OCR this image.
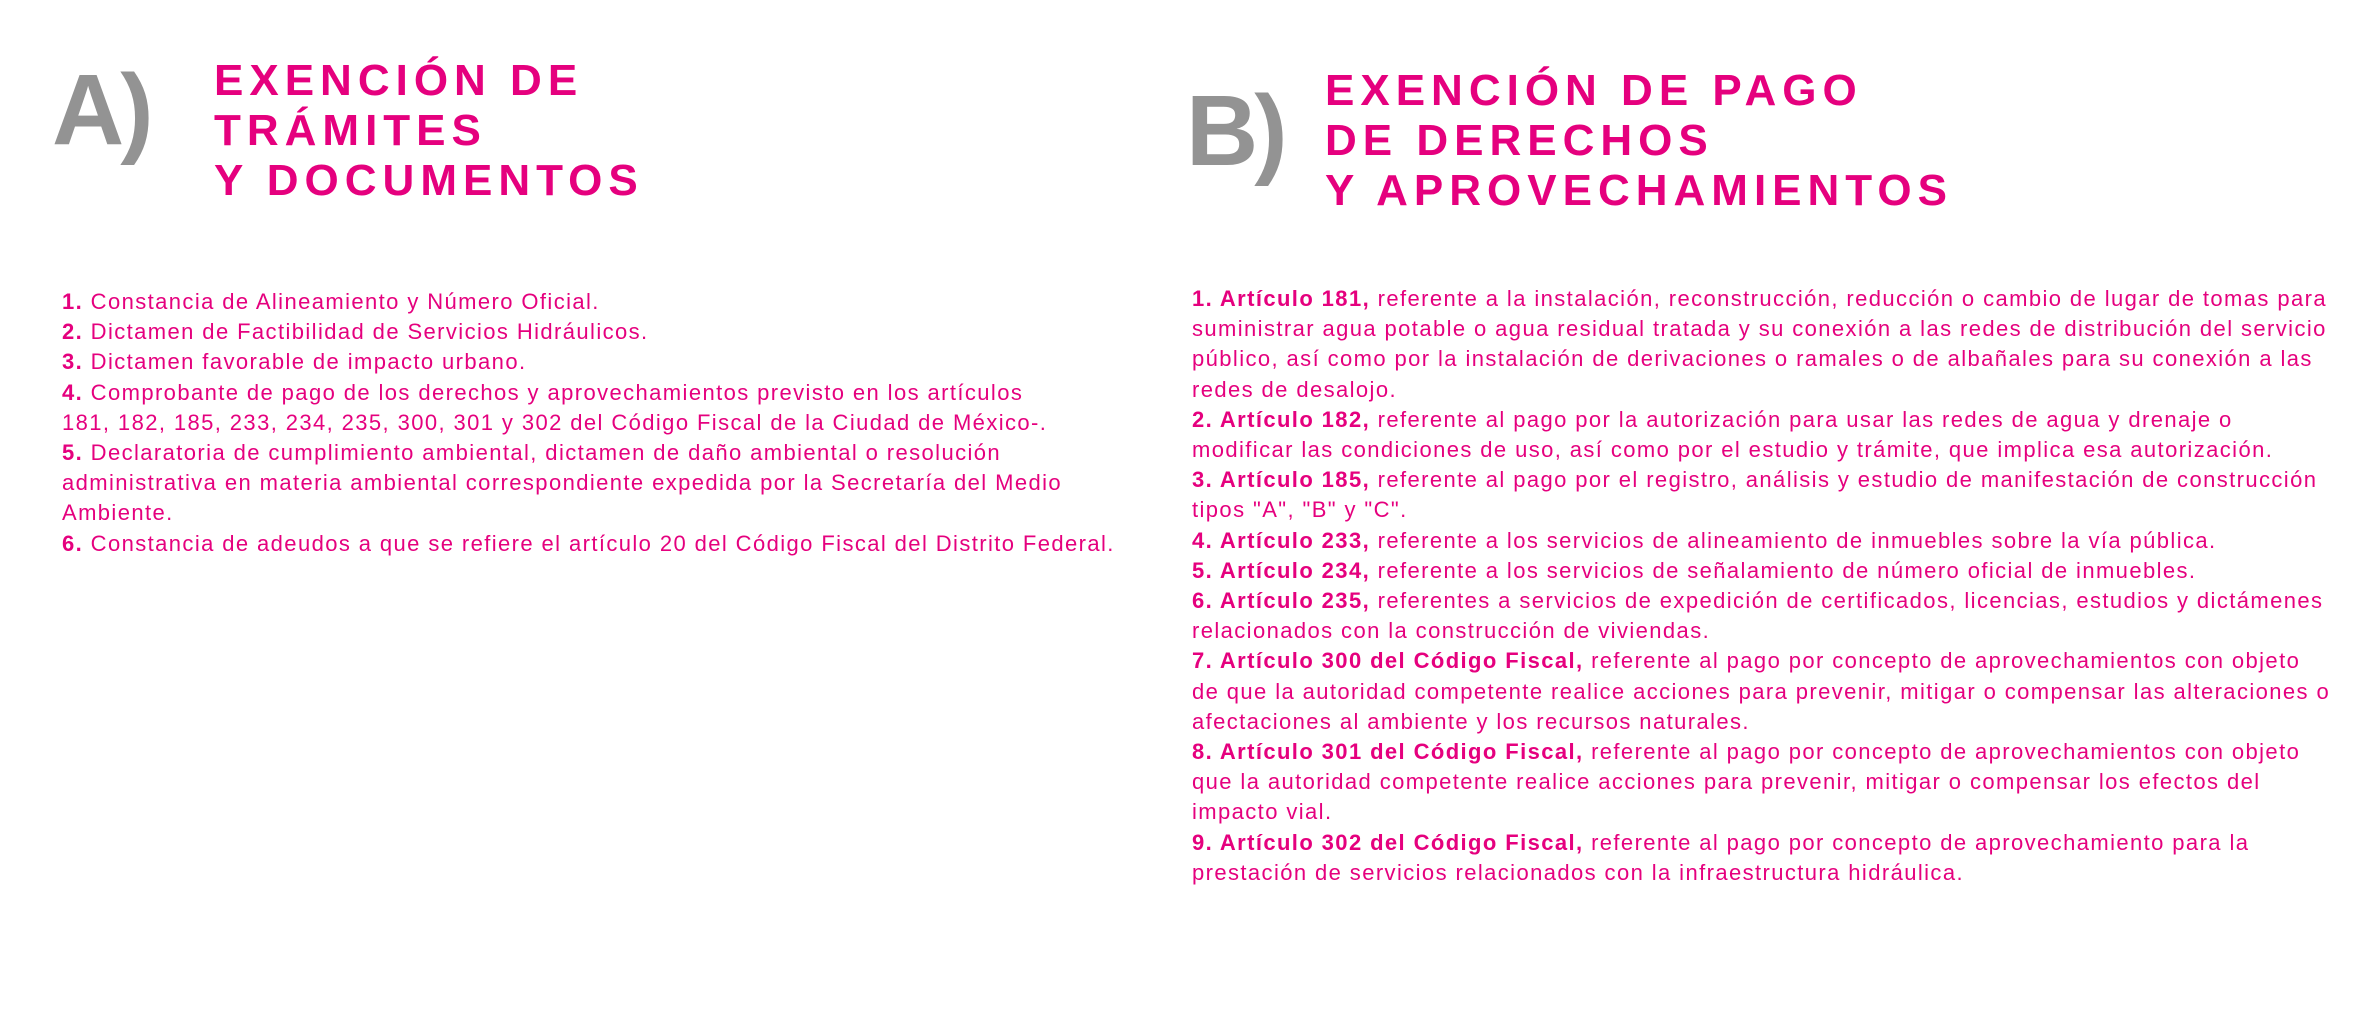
A) EXENCIÓN DE
TRÁMITES
Y DOCUMENTOS
1. Constancia de Alineamiento y Número Oficial.
2. Dictamen de Factibilidad de Servicios Hidráulicos.
3. Dictamen favorable de impacto urbano.
4. Comprobante de pago de los derechos y aprovechamientos previsto en los artículos 181, 182, 185, 233, 234, 235, 300, 301 y 302 del Código Fiscal de la Ciudad de México-.
5. Declaratoria de cumplimiento ambiental, dictamen de daño ambiental o resolución administrativa en materia ambiental correspondiente expedida por la Secretaría del Medio Ambiente.
6. Constancia de adeudos a que se refiere el artículo 20 del Código Fiscal del Distrito Federal.
B) EXENCIÓN DE PAGO
DE DERECHOS
Y APROVECHAMIENTOS
1. Artículo 181, referente a la instalación, reconstrucción, reducción o cambio de lugar de tomas para suministrar agua potable o agua residual tratada y su conexión a las redes de distribución del servicio público, así como por la instalación de derivaciones o ramales o de albañales para su conexión a las redes de desalojo.
2. Artículo 182, referente al pago por la autorización para usar las redes de agua y drenaje o modificar las condiciones de uso, así como por el estudio y trámite, que implica esa autorización.
3. Artículo 185, referente al pago por el registro, análisis y estudio de manifestación de construcción tipos "A", "B" y "C".
4. Artículo 233, referente a los servicios de alineamiento de inmuebles sobre la vía pública.
5. Artículo 234, referente a los servicios de señalamiento de número oficial de inmuebles.
6. Artículo 235, referentes a servicios de expedición de certificados, licencias, estudios y dictámenes relacionados con la construcción de viviendas.
7. Artículo 300 del Código Fiscal, referente al pago por concepto de aprovechamientos con objeto de que la autoridad competente realice acciones para prevenir, mitigar o compensar las alteraciones o afectaciones al ambiente y los recursos naturales.
8. Artículo 301 del Código Fiscal, referente al pago por concepto de aprovechamientos con objeto que la autoridad competente realice acciones para prevenir, mitigar o compensar los efectos del impacto vial.
9. Artículo 302 del Código Fiscal, referente al pago por concepto de aprovechamiento para la prestación de servicios relacionados con la infraestructura hidráulica.
